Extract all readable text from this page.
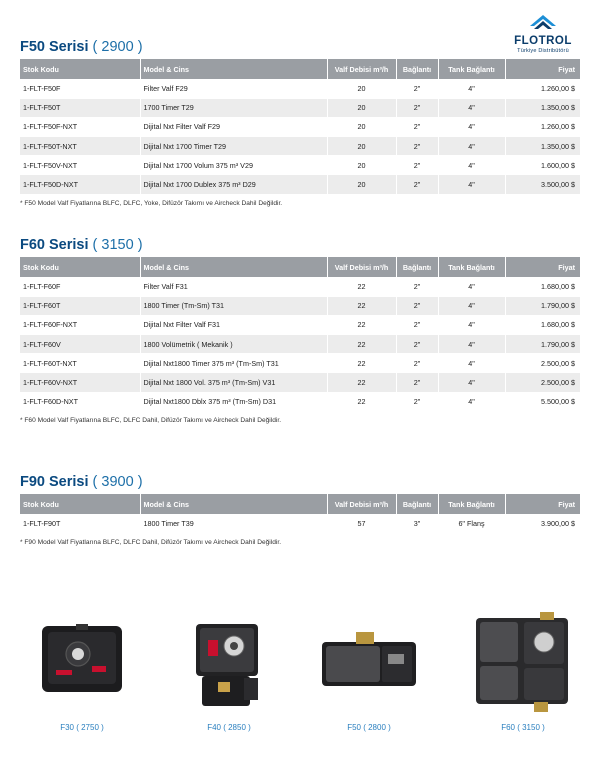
FLOTROL
Türkiye Distribütörü
F50 Serisi ( 2900 )
Stok Kodu	Model & Cins	Valf Debisi m³/h	Bağlantı	Tank Bağlantı	Fiyat
1-FLT-F50F	Filter Valf F29	20	2"	4"	1.260,00 $
1-FLT-F50T	1700 Timer T29	20	2"	4"	1.350,00 $
1-FLT-F50F-NXT	Dijital Nxt Filter Valf F29	20	2"	4"	1.260,00 $
1-FLT-F50T-NXT	Dijital Nxt 1700 Timer T29	20	2"	4"	1.350,00 $
1-FLT-F50V-NXT	Dijital Nxt 1700 Volum 375 m³ V29	20	2"	4"	1.600,00 $
1-FLT-F50D-NXT	Dijital Nxt 1700 Dublex 375 m³ D29	20	2"	4"	3.500,00 $
* F50 Model Valf Fiyatlarına BLFC, DLFC, Yoke, Difüzör Takımı ve Aircheck Dahil Değildir.
F60 Serisi ( 3150 )
Stok Kodu	Model & Cins	Valf Debisi m³/h	Bağlantı	Tank Bağlantı	Fiyat
1-FLT-F60F	Filter Valf F31	22	2"	4"	1.680,00 $
1-FLT-F60T	1800 Timer (Tm-Sm) T31	22	2"	4"	1.790,00 $
1-FLT-F60F-NXT	Dijital Nxt Filter Valf F31	22	2"	4"	1.680,00 $
1-FLT-F60V	1800 Volümetrik ( Mekanik )	22	2"	4"	1.790,00 $
1-FLT-F60T-NXT	Dijital Nxt1800 Timer 375 m³ (Tm-Sm) T31	22	2"	4"	2.500,00 $
1-FLT-F60V-NXT	Dijital Nxt 1800 Vol. 375 m³ (Tm-Sm) V31	22	2"	4"	2.500,00 $
1-FLT-F60D-NXT	Dijital Nxt1800 Dblx 375 m³ (Tm-Sm) D31	22	2"	4"	5.500,00 $
* F60 Model Valf Fiyatlarına BLFC, DLFC Dahil, Difüzör Takımı ve Aircheck Dahil Değildir.
F90 Serisi ( 3900 )
Stok Kodu	Model & Cins	Valf Debisi m³/h	Bağlantı	Tank Bağlantı	Fiyat
1-FLT-F90T	1800 Timer T39	57	3"	6" Flanş	3.900,00 $
* F90 Model Valf Fiyatlarına BLFC, DLFC Dahil, Difüzör Takımı ve Aircheck Dahil Değildir.
F30 ( 2750 )	F40 ( 2850 )	F50 ( 2800 )	F60 ( 3150 )
